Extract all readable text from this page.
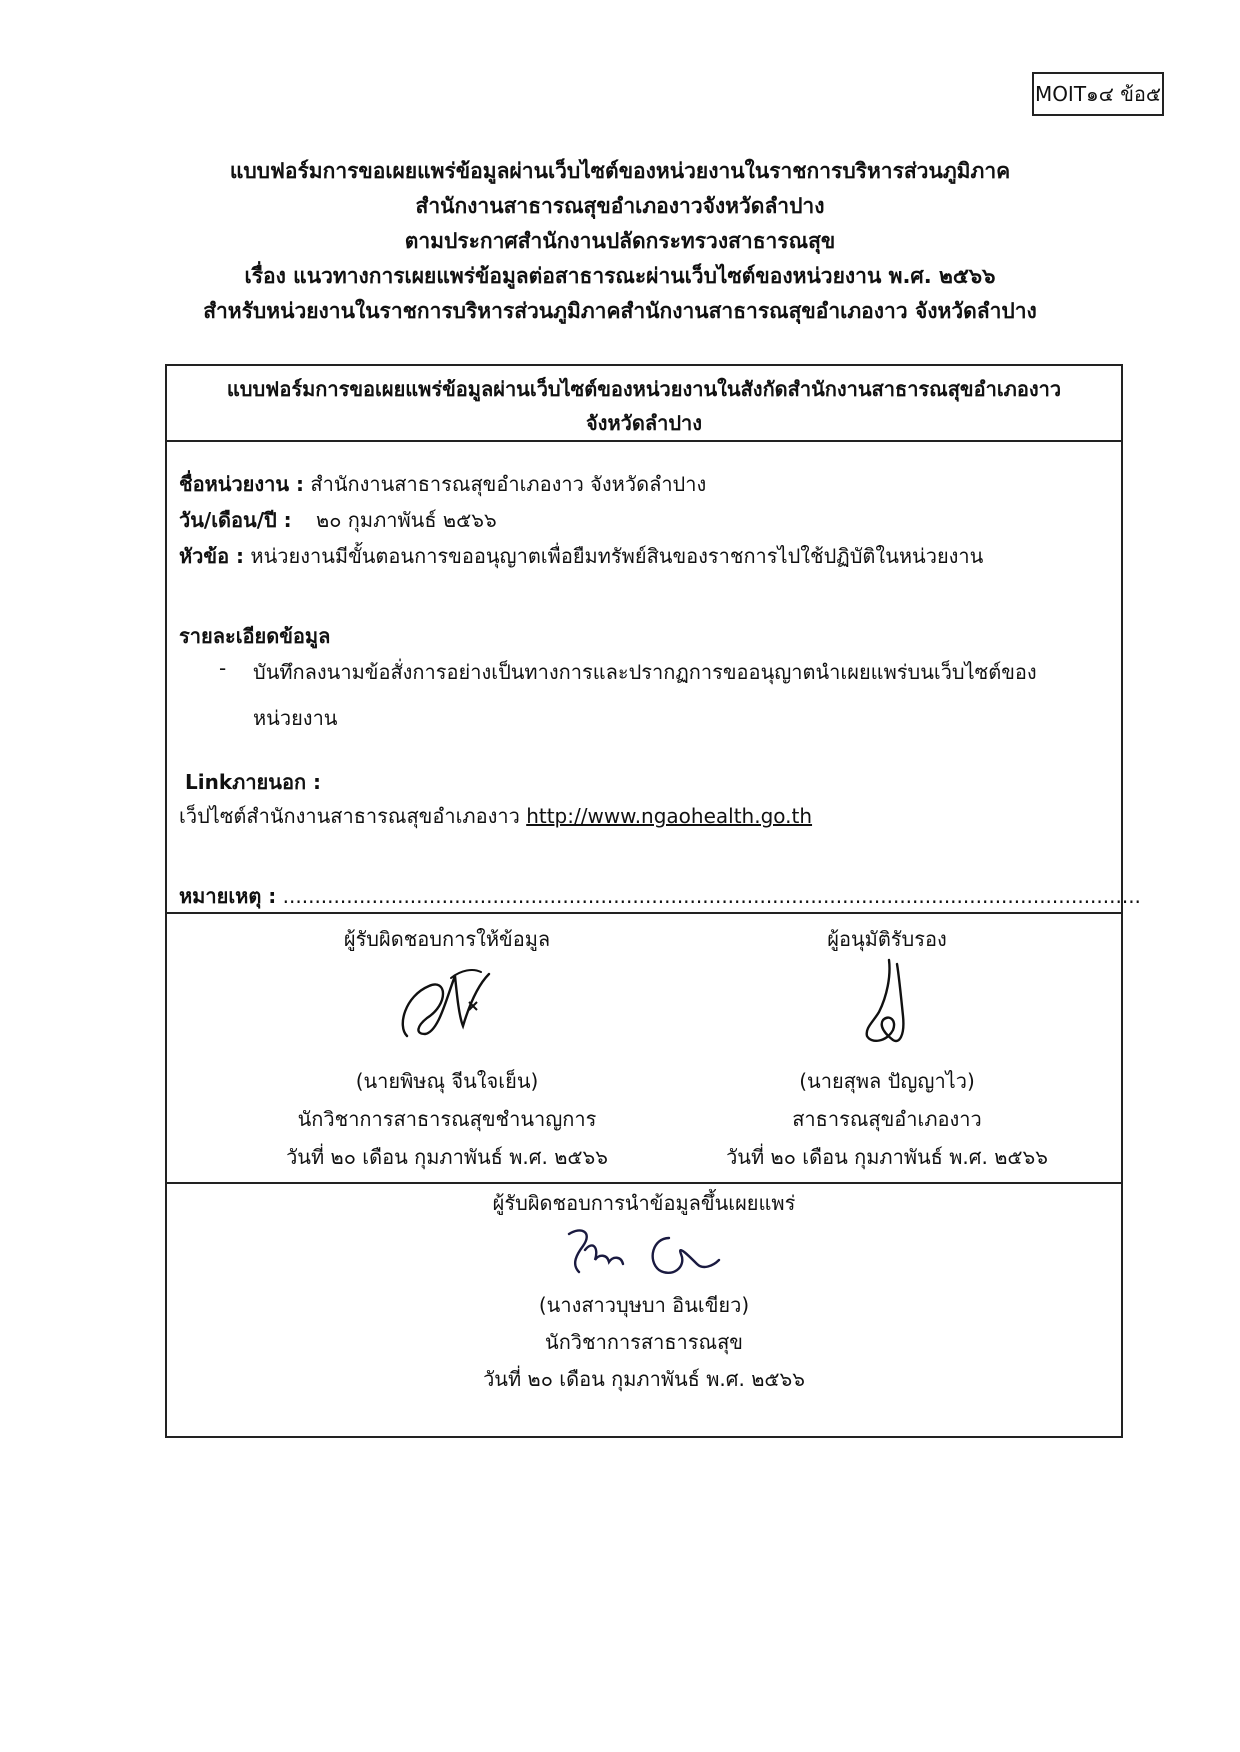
MOIT๑๔ ข้อ๕
แบบฟอร์มการขอเผยแพร่ข้อมูลผ่านเว็บไซต์ของหน่วยงานในราชการบริหารส่วนภูมิภาค
สำนักงานสาธารณสุขอำเภองาวจังหวัดลำปาง
ตามประกาศสำนักงานปลัดกระทรวงสาธารณสุข
เรื่อง แนวทางการเผยแพร่ข้อมูลต่อสาธารณะผ่านเว็บไซต์ของหน่วยงาน พ.ศ. ๒๕๖๖
สำหรับหน่วยงานในราชการบริหารส่วนภูมิภาคสำนักงานสาธารณสุขอำเภองาว จังหวัดลำปาง
แบบฟอร์มการขอเผยแพร่ข้อมูลผ่านเว็บไซต์ของหน่วยงานในสังกัดสำนักงานสาธารณสุขอำเภองาว
จังหวัดลำปาง
ชื่อหน่วยงาน : สำนักงานสาธารณสุขอำเภองาว จังหวัดลำปาง
วัน/เดือน/ปี : ๒๐ กุมภาพันธ์ ๒๕๖๖
หัวข้อ : หน่วยงานมีขั้นตอนการขออนุญาตเพื่อยืมทรัพย์สินของราชการไปใช้ปฏิบัติในหน่วยงาน
รายละเอียดข้อมูล
- บันทึกลงนามข้อสั่งการอย่างเป็นทางการและปรากฏการขออนุญาตนำเผยแพร่บนเว็บไซต์ของ
หน่วยงาน
Linkภายนอก :
เว็ปไซต์สำนักงานสาธารณสุขอำเภองาว http://www.ngaohealth.go.th
หมายเหตุ : .......................................................................................................................................
ผู้รับผิดชอบการให้ข้อมูล
(นายพิษณุ จีนใจเย็น)
นักวิชาการสาธารณสุขชำนาญการ
วันที่ ๒๐ เดือน กุมภาพันธ์ พ.ศ. ๒๕๖๖
ผู้อนุมัติรับรอง
(นายสุพล ปัญญาไว)
สาธารณสุขอำเภองาว
วันที่ ๒๐ เดือน กุมภาพันธ์ พ.ศ. ๒๕๖๖
ผู้รับผิดชอบการนำข้อมูลขึ้นเผยแพร่
(นางสาวบุษบา อินเขียว)
นักวิชาการสาธารณสุข
วันที่ ๒๐ เดือน กุมภาพันธ์ พ.ศ. ๒๕๖๖
